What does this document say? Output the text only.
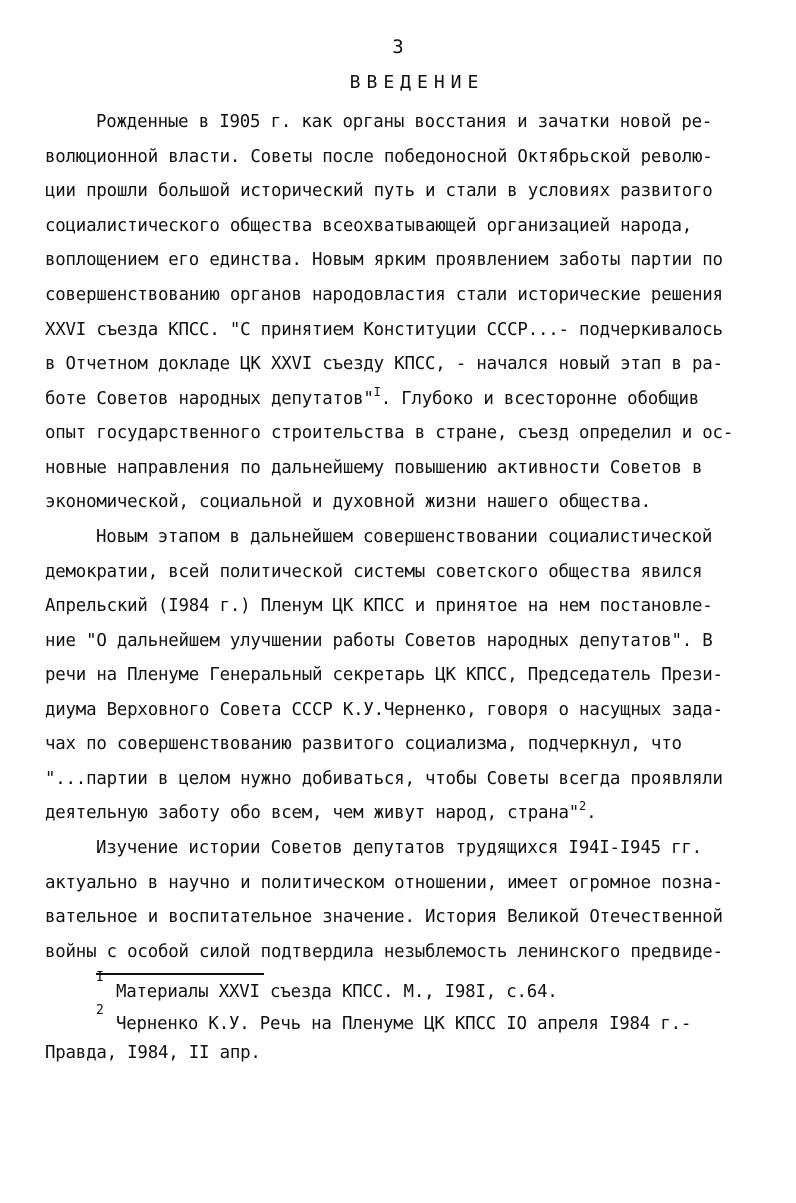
3
ВВЕДЕНИЕ
Рожденные в I905 г. как органы восстания и зачатки новой ре-
волюционной власти. Советы после победоносной Октябрьской револю-
ции прошли большой исторический путь и стали в условиях развитого
социалистического общества всеохватывающей организацией народа,
воплощением его единства. Новым ярким проявлением заботы партии по
совершенствованию органов народовластия стали исторические решения
XXVI съезда КПСС. "С принятием Конституции СССР...- подчеркивалось
в Отчетном докладе ЦК XXVI съезду КПСС, - начался новый этап в ра-
боте Советов народных депутатов"$^I$. Глубоко и всесторонне обобщив
опыт государственного строительства в стране, съезд определил и ос-
новные направления по дальнейшему повышению активности Советов в
экономической, социальной и духовной жизни нашего общества.
Новым этапом в дальнейшем совершенствовании социалистической
демократии, всей политической системы советского общества явился
Апрельский (I984 г.) Пленум ЦК КПСС и принятое на нем постановле-
ние "О дальнейшем улучшении работы Советов народных депутатов". В
речи на Пленуме Генеральный секретарь ЦК КПСС, Председатель Прези-
диума Верховного Совета СССР К.У.Черненко, говоря о насущных зада-
чах по совершенствованию развитого социализма, подчеркнул, что
"...партии в целом нужно добиваться, чтобы Советы всегда проявляли
деятельную заботу обо всем, чем живут народ, страна"$^2$.
Изучение истории Советов депутатов трудящихся I94I-I945 гг.
актуально в научно и политическом отношении, имеет огромное позна-
вательное и воспитательное значение. История Великой Отечественной
войны с особой силой подтвердила незыблемость ленинского предвиде-
I
Материалы XXVI съезда КПСС. М., I98I, с.64.
2
Черненко К.У. Речь на Пленуме ЦК КПСС IO апреля I984 г.-
Правда, I984, II апр.
